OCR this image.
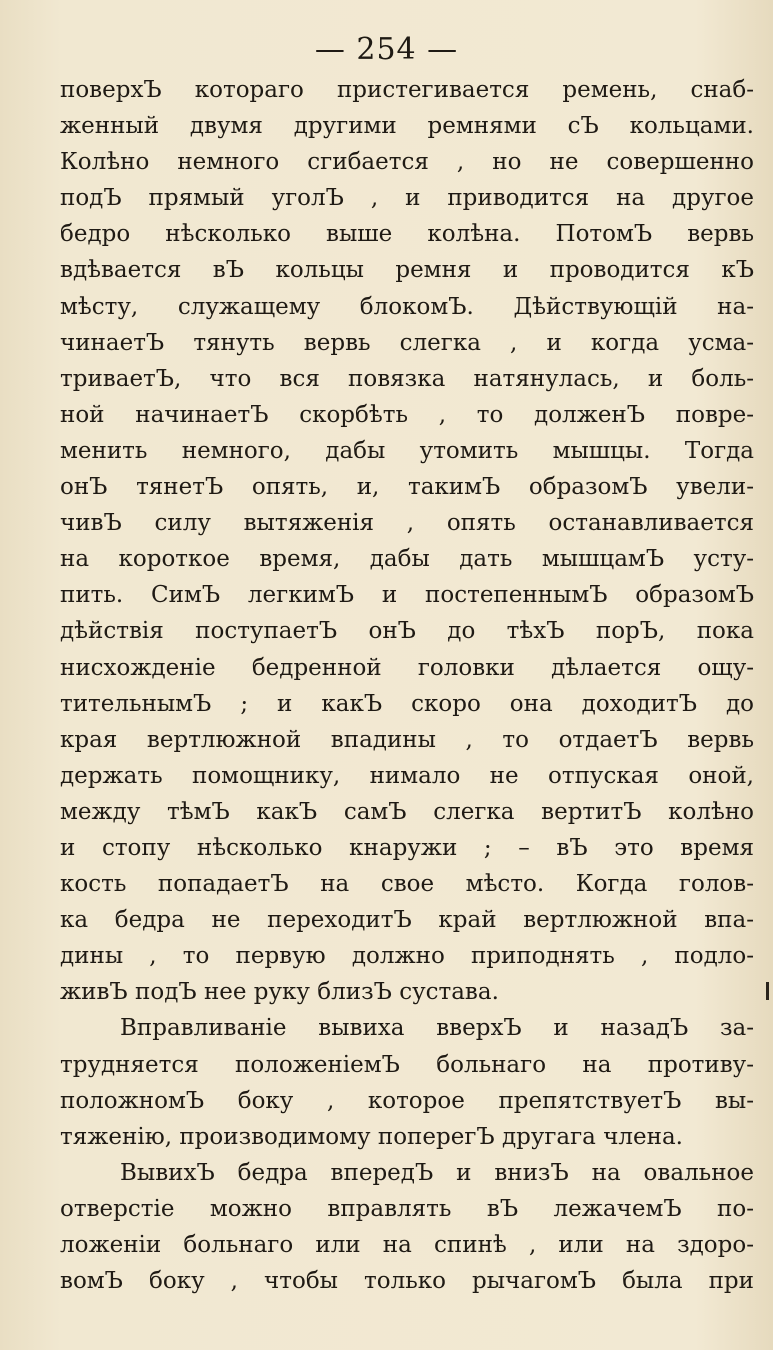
— 254 —
поверхЪ котораго пристегивается ремень, снаб-
женный двумя другими ремнями сЪ кольцами.
Колѣно немного сгибается , но не совершенно
подЪ прямый уголЪ , и приводится на другое
бедро нѣсколько выше колѣна. ПотомЪ вервь
вдѣвается вЪ кольцы ремня и проводится кЪ
мѣсту, служащему блокомЪ. Дѣйствующій на-
чинаетЪ тянуть вервь слегка , и когда усма-
триваетЪ, что вся повязка натянулась, и боль-
ной начинаетЪ скорбѣть , то долженЪ повре-
менить немного, дабы утомить мышцы. Тогда
онЪ тянетЪ опять, и, такимЪ образомЪ увели-
чивЪ силу вытяженія , опять останавливается
на короткое время, дабы дать мышцамЪ усту-
пить. СимЪ легкимЪ и постепеннымЪ образомЪ
дѣйствія поступаетЪ онЪ до тѣхЪ порЪ, пока
нисхожденіе бедренной головки дѣлается ощу-
тительнымЪ ; и какЪ скоро она доходитЪ до
края вертлюжной впадины , то отдаетЪ вервь
держать помощнику, нимало не отпуская оной,
между тѣмЪ какЪ самЪ слегка вертитЪ колѣно
и стопу нѣсколько кнаружи ; – вЪ это время
кость попадаетЪ на свое мѣсто. Когда голов-
ка бедра не переходитЪ край вертлюжной впа-
дины , то первую должно приподнять , подло-
живЪ подЪ нее руку близЪ сустава.
Вправливаніе вывиха вверхЪ и назадЪ за-
трудняется положеніемЪ больнаго на противу-
положномЪ боку , которое препятствуетЪ вы-
тяженію, производимому поперегЪ другага члена.
ВывихЪ бедра впередЪ и внизЪ на овальное
отверстіе можно вправлять вЪ лежачемЪ по-
ложеніи больнаго или на спинѣ , или на здоро-
вомЪ боку , чтобы только рычагомЪ была при
